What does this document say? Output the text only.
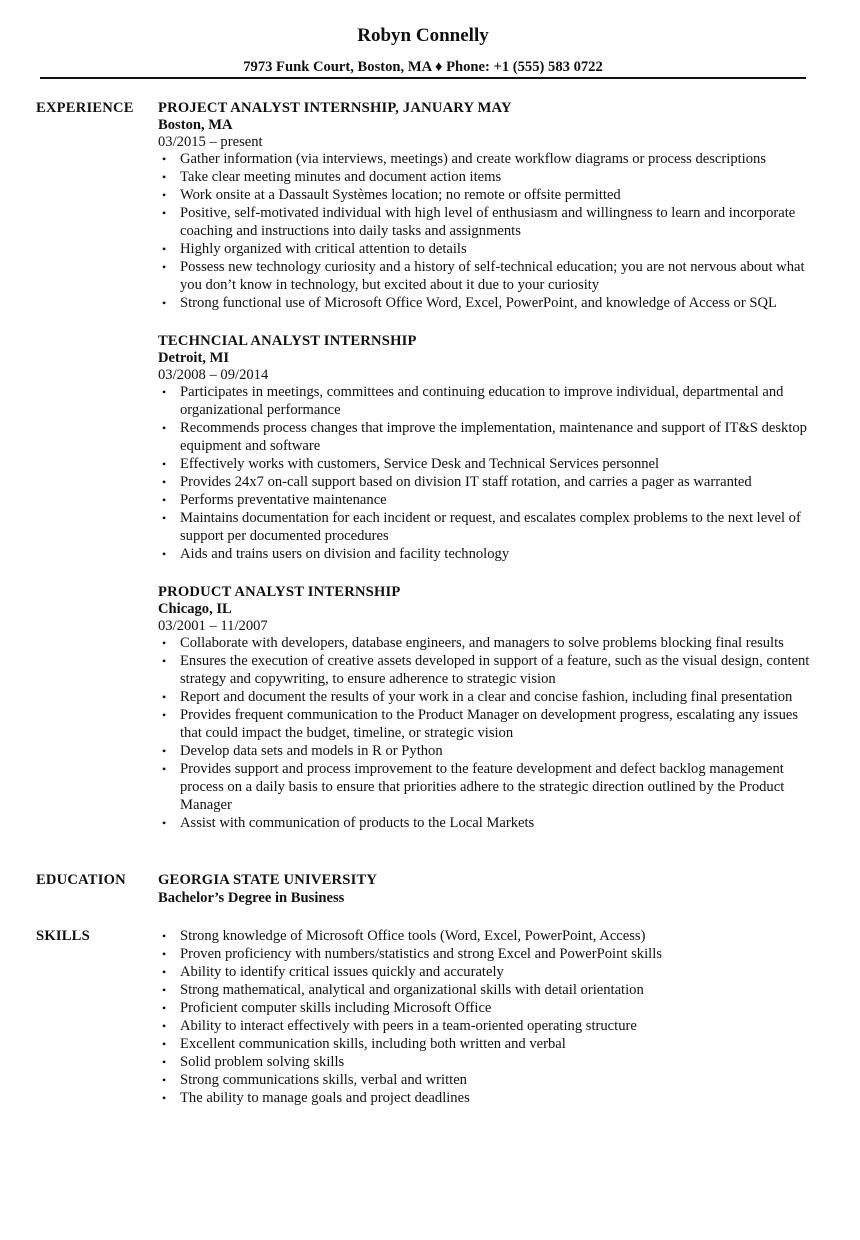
Robyn Connelly
7973 Funk Court, Boston, MA ♦ Phone: +1 (555) 583 0722
EXPERIENCE PROJECT ANALYST INTERNSHIP, JANUARY MAY
Boston, MA
03/2015 – present
• Gather information (via interviews, meetings) and create workflow diagrams or process descriptions
• Take clear meeting minutes and document action items
• Work onsite at a Dassault Systèmes location; no remote or offsite permitted
• Positive, self-motivated individual with high level of enthusiasm and willingness to learn and incorporate coaching and instructions into daily tasks and assignments
• Highly organized with critical attention to details
• Possess new technology curiosity and a history of self-technical education; you are not nervous about what you don’t know in technology, but excited about it due to your curiosity
• Strong functional use of Microsoft Office Word, Excel, PowerPoint, and knowledge of Access or SQL
TECHNCIAL ANALYST INTERNSHIP
Detroit, MI
03/2008 – 09/2014
• Participates in meetings, committees and continuing education to improve individual, departmental and organizational performance
• Recommends process changes that improve the implementation, maintenance and support of IT&S desktop equipment and software
• Effectively works with customers, Service Desk and Technical Services personnel
• Provides 24x7 on-call support based on division IT staff rotation, and carries a pager as warranted
• Performs preventative maintenance
• Maintains documentation for each incident or request, and escalates complex problems to the next level of support per documented procedures
• Aids and trains users on division and facility technology
PRODUCT ANALYST INTERNSHIP
Chicago, IL
03/2001 – 11/2007
• Collaborate with developers, database engineers, and managers to solve problems blocking final results
• Ensures the execution of creative assets developed in support of a feature, such as the visual design, content strategy and copywriting, to ensure adherence to strategic vision
• Report and document the results of your work in a clear and concise fashion, including final presentation
• Provides frequent communication to the Product Manager on development progress, escalating any issues that could impact the budget, timeline, or strategic vision
• Develop data sets and models in R or Python
• Provides support and process improvement to the feature development and defect backlog management process on a daily basis to ensure that priorities adhere to the strategic direction outlined by the Product Manager
• Assist with communication of products to the Local Markets
EDUCATION GEORGIA STATE UNIVERSITY
Bachelor’s Degree in Business
SKILLS	• Strong knowledge of Microsoft Office tools (Word, Excel, PowerPoint, Access)
• Proven proficiency with numbers/statistics and strong Excel and PowerPoint skills
• Ability to identify critical issues quickly and accurately
• Strong mathematical, analytical and organizational skills with detail orientation
• Proficient computer skills including Microsoft Office
• Ability to interact effectively with peers in a team-oriented operating structure
• Excellent communication skills, including both written and verbal
• Solid problem solving skills
• Strong communications skills, verbal and written
• The ability to manage goals and project deadlines
